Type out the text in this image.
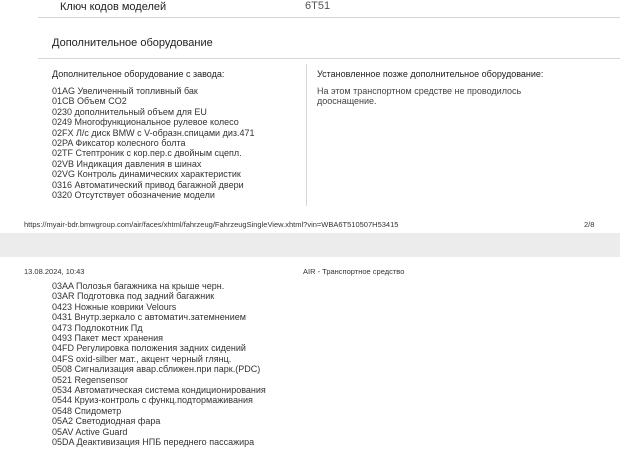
Ключ кодов моделей	6T51
Дополнительное оборудование
Дополнительное оборудование с завода:	Установленное позже дополнительное оборудование:
01AG Увеличенный топливный бак
01CB Объем CO2
0230 дополнительный объем для EU
0249 Многофункциональное рулевое колесо
02FX Л/с диск BMW с V-образн.спицами диз.471
02PA Фиксатор колесного болта
02TF Стептроник с кор.пер.с двойным сцепл.
02VB Индикация давления в шинах
02VG Контроль динамических характеристик
0316 Автоматический привод багажной двери
0320 Отсутствует обозначение модели
На этом транспортном средстве не проводилось дооснащение.
https://myair-bdr.bmwgroup.com/air/faces/xhtml/fahrzeug/FahrzeugSingleView.xhtml?vin=WBA6T510507H53415	2/8
13.08.2024, 10:43	AIR - Транспортное средство
03AA Полозья багажника на крыше черн.
03AR Подготовка под задний багажник
0423 Ножные коврики Velours
0431 Внутр.зеркало с автоматич.затемнением
0473 Подлокотник Пд
0493 Пакет мест хранения
04FD Регулировка положения задних сидений
04FS oxid-silber мат., акцент черный глянц.
0508 Сигнализация авар.сближен.при парк.(PDC)
0521 Regensensor
0534 Автоматическая система кондиционирования
0544 Круиз-контроль с функц.подтормаживания
0548 Спидометр
05A2 Светодиодная фара
05AV Active Guard
05DA Деактивизация НПБ переднего пассажира
